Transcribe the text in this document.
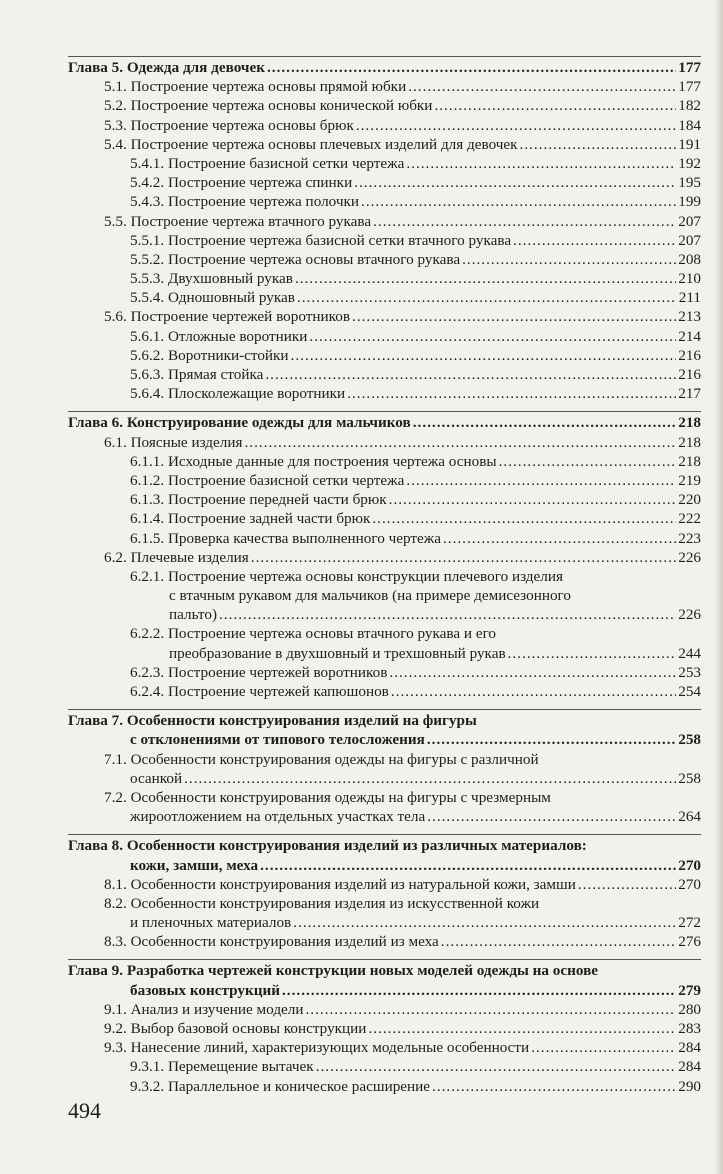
Глава 5. Одежда для девочек .....	177
5.1. Построение чертежа основы прямой юбки .....	177
5.2. Построение чертежа основы конической юбки .....	182
5.3. Построение чертежа основы брюк .....	184
5.4. Построение чертежа основы плечевых изделий для девочек .....	191
5.4.1. Построение базисной сетки чертежа .....	192
5.4.2. Построение чертежа спинки .....	195
5.4.3. Построение чертежа полочки .....	199
5.5. Построение чертежа втачного рукава .....	207
5.5.1. Построение чертежа базисной сетки втачного рукава .....	207
5.5.2. Построение чертежа основы втачного рукава .....	208
5.5.3. Двухшовный рукав .....	210
5.5.4. Одношовный рукав .....	211
5.6. Построение чертежей воротников .....	213
5.6.1. Отложные воротники .....	214
5.6.2. Воротники-стойки .....	216
5.6.3. Прямая стойка .....	216
5.6.4. Плосколежащие воротники .....	217
Глава 6. Конструирование одежды для мальчиков .....	218
6.1. Поясные изделия .....	218
6.1.1. Исходные данные для построения чертежа основы .....	218
6.1.2. Построение базисной сетки чертежа .....	219
6.1.3. Построение передней части брюк .....	220
6.1.4. Построение задней части брюк .....	222
6.1.5. Проверка качества выполненного чертежа .....	223
6.2. Плечевые изделия .....	226
6.2.1. Построение чертежа основы конструкции плечевого изделия
с втачным рукавом для мальчиков (на примере демисезонного
пальто) .....	226
6.2.2. Построение чертежа основы втачного рукава и его
преобразование в двухшовный и трехшовный рукав .....	244
6.2.3. Построение чертежей воротников .....	253
6.2.4. Построение чертежей капюшонов .....	254
Глава 7. Особенности конструирования изделий на фигуры
с отклонениями от типового телосложения .....	258
7.1. Особенности конструирования одежды на фигуры с различной
осанкой .....	258
7.2. Особенности конструирования одежды на фигуры с чрезмерным
жироотложением на отдельных участках тела .....	264
Глава 8. Особенности конструирования изделий из различных материалов:
кожи, замши, меха .....	270
8.1. Особенности конструирования изделий из натуральной кожи, замши .....	270
8.2. Особенности конструирования изделия из искусственной кожи
и пленочных материалов .....	272
8.3. Особенности конструирования изделий из меха .....	276
Глава 9. Разработка чертежей конструкции новых моделей одежды на основе
базовых конструкций .....	279
9.1. Анализ и изучение модели .....	280
9.2. Выбор базовой основы конструкции .....	283
9.3. Нанесение линий, характеризующих модельные особенности .....	284
9.3.1. Перемещение вытачек .....	284
9.3.2. Параллельное и коническое расширение .....	290
494
